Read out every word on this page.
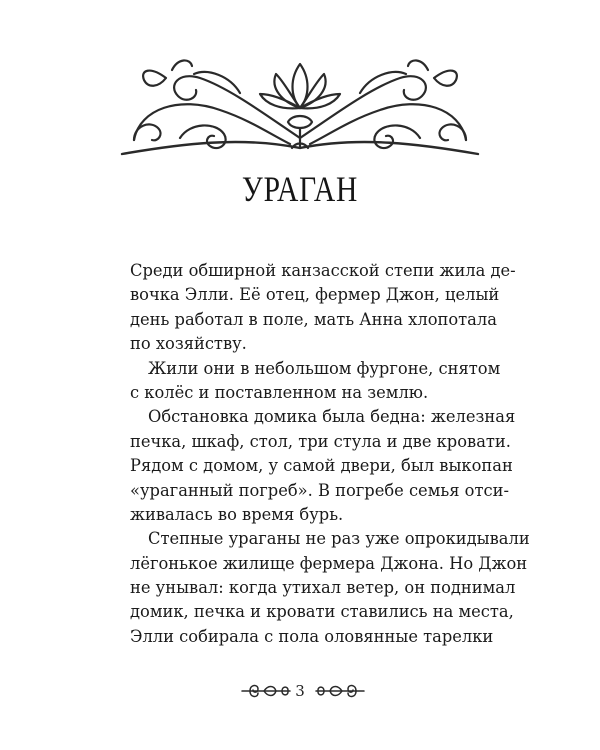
УРАГАН
Среди обширной канзасской степи жила де-
вочка Элли. Её отец, фермер Джон, целый
день работал в поле, мать Анна хлопотала
по хозяйству.
Жили они в небольшом фургоне, снятом
с колёс и поставленном на землю.
Обстановка домика была бедна: железная
печка, шкаф, стол, три стула и две кровати.
Рядом с домом, у самой двери, был выкопан
«ураганный погреб». В погребе семья отси-
живалась во время бурь.
Степные ураганы не раз уже опрокидывали
лёгонькое жилище фермера Джона. Но Джон
не унывал: когда утихал ветер, он поднимал
домик, печка и кровати ставились на места,
Элли собирала с пола оловянные тарелки
3
